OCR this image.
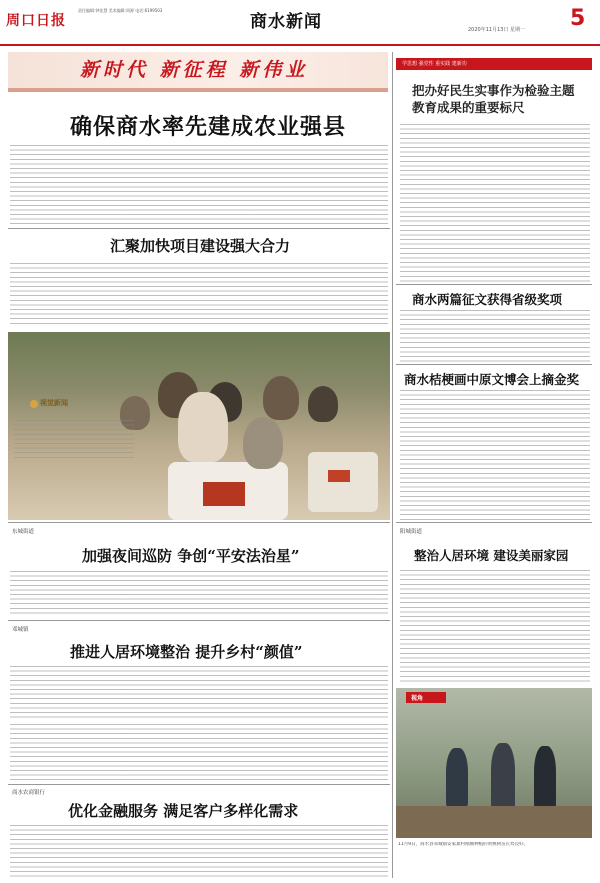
周口日报
责任编辑:钟佳慧 美术编辑:周源 电话:6199503
商水新闻	2020年11月13日 星期一 5
新时代 新征程 新伟业
确保商水率先建成农业强县
汇聚加快项目建设强大合力
视觉新闻
东城街道
加强夜间巡防 争创“平安法治星”
邓城镇
推进人居环境整治 提升乡村“颜值”
商水农商银行
优化金融服务 满足客户多样化需求
学思想 强党性 重实践 建新功
把办好民生实事作为检验主题教育成果的重要标尺
商水两篇征文获得省级奖项
商水桔梗画中原文博会上摘金奖
阳城街道
整治人居环境 建设美丽家园
视角
11月9日，商水县邓城镇安家寨村刚刚种植的黄桃树苗长势良好。
